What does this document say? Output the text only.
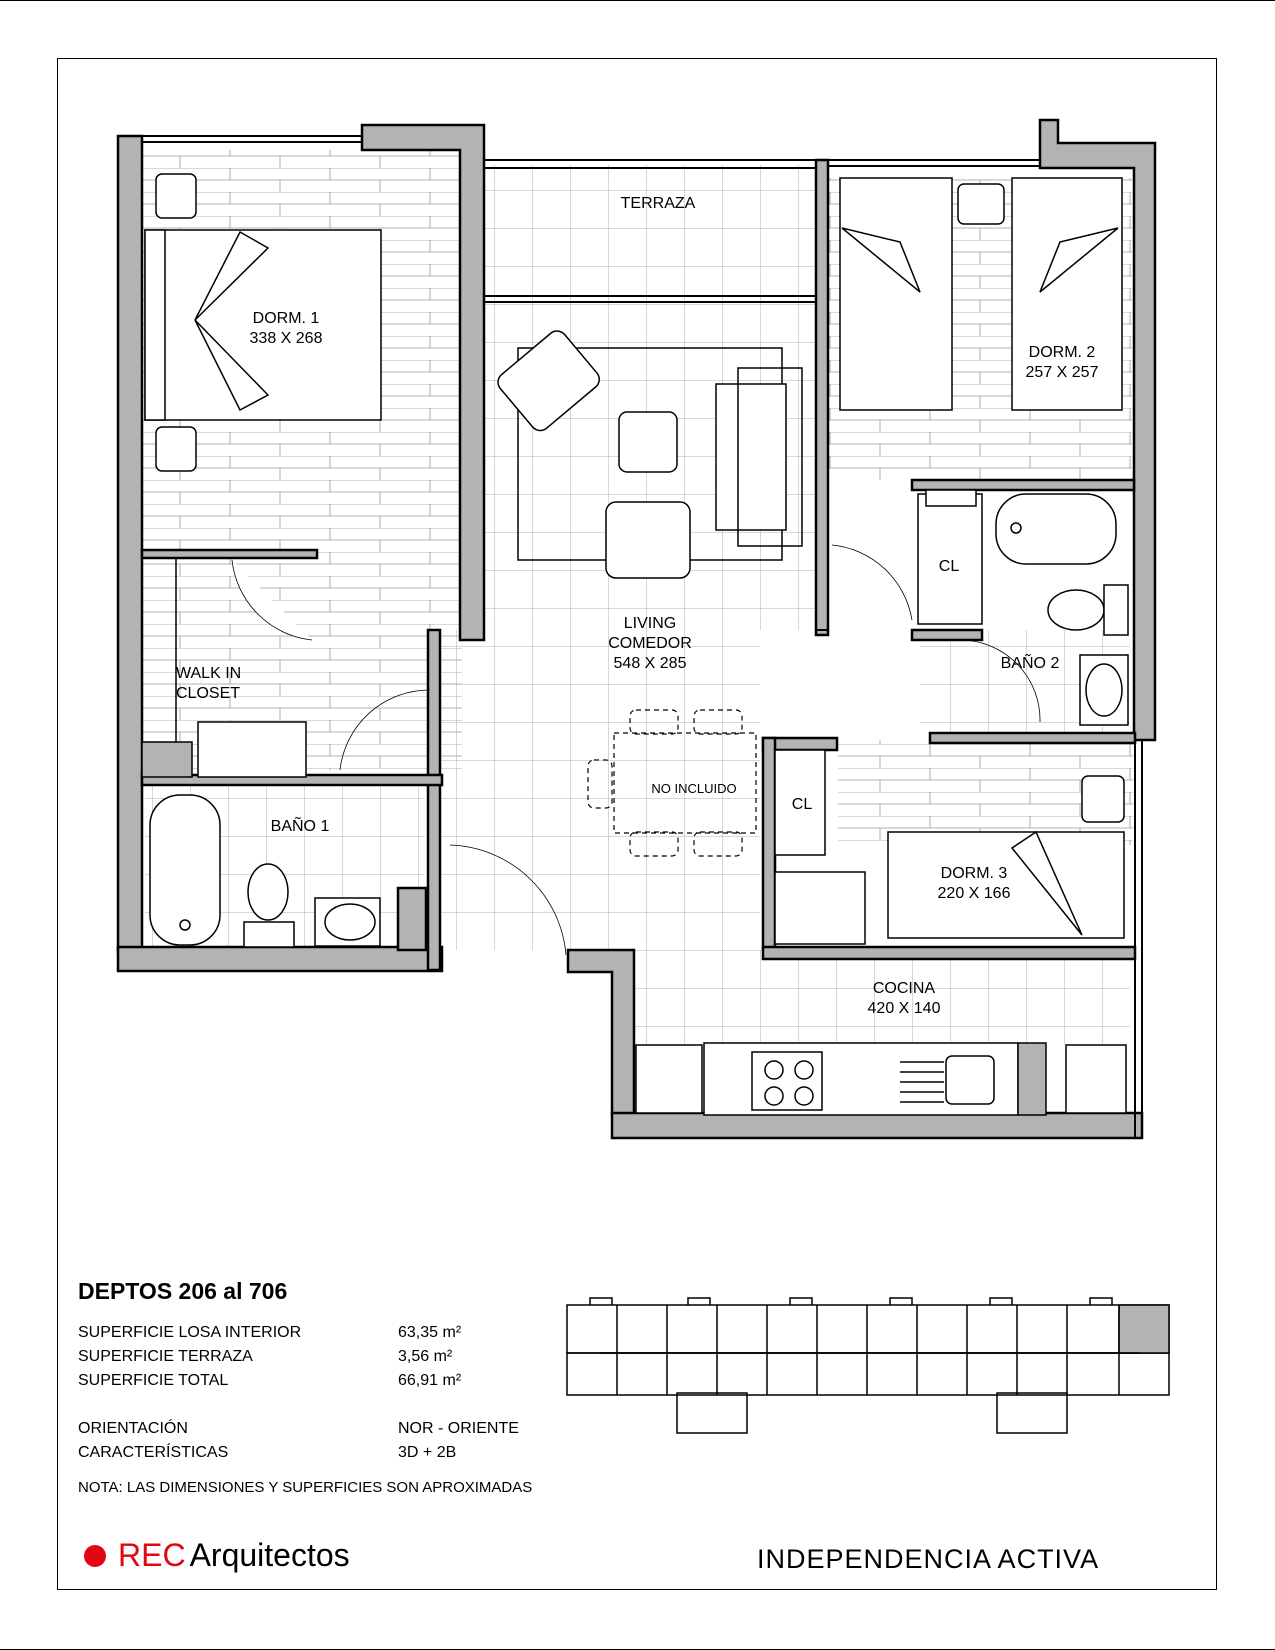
TERRAZA
DORM. 1
338 X 268
DORM. 2
257 X 257
LIVING
COMEDOR
548 X 285
NO INCLUIDO
WALK IN
CLOSET
BAÑO 1
BAÑO 2
CL
CL
DORM. 3
220 X 166
COCINA
420 X 140
DEPTOS 206 al 706
SUPERFICIE LOSA INTERIOR	63,35 m²
SUPERFICIE TERRAZA	3,56 m²
SUPERFICIE TOTAL	66,91 m²
ORIENTACIÓN	NOR - ORIENTE
CARACTERÍSTICAS	3D + 2B
NOTA: LAS DIMENSIONES Y SUPERFICIES SON APROXIMADAS
REC Arquitectos	INDEPENDENCIA ACTIVA
